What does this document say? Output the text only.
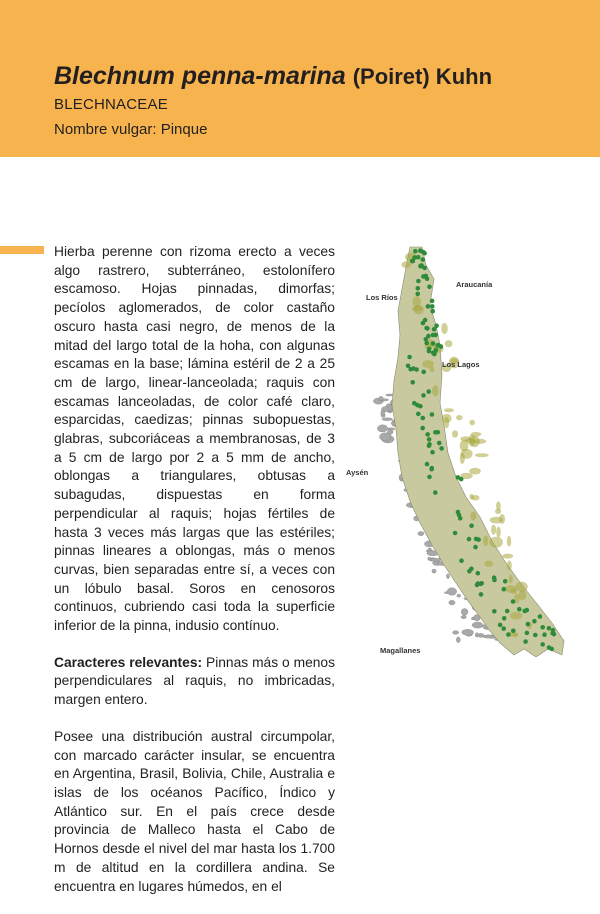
Blechnum penna-marina (Poiret) Kuhn
BLECHNACEAE
Nombre vulgar: Pinque

Hierba perenne con rizoma erecto a veces algo rastrero, subterráneo, estolonífero escamoso. Hojas pinnadas, dimorfas; pecíolos aglomerados, de color castaño oscuro hasta casi negro, de menos de la mitad del largo total de la hoha, con algunas escamas en la base; lámina estéril de 2 a 25 cm de largo, linear-lanceolada; raquis con escamas lanceoladas, de color café claro, esparcidas, caedizas; pinnas subopuestas, glabras, subcoriáceas a membranosas, de 3 a 5 cm de largo por 2 a 5 mm de ancho, oblongas a triangulares, obtusas a subagudas, dispuestas en forma perpendicular al raquis; hojas fértiles de hasta 3 veces más largas que las estériles; pinnas lineares a oblongas, más o menos curvas, bien separadas entre sí, a veces con un lóbulo basal. Soros en cenosoros continuos, cubriendo casi toda la superficie inferior de la pinna, indusio contínuo.

Caracteres relevantes: Pinnas más o menos perpendiculares al raquis, no imbricadas, margen entero.

Posee una distribución austral circumpolar, con marcado carácter insular, se encuentra en Argentina, Brasil, Bolivia, Chile, Australia e islas de los océanos Pacífico, Índico y Atlántico sur. En el país crece desde provincia de Malleco hasta el Cabo de Hornos desde el nivel del mar hasta los 1.700 m de altitud en la cordillera andina. Se encuentra en lugares húmedos, en el

Los Ríos
Araucanía
Los Lagos
Aysén
Magallanes
